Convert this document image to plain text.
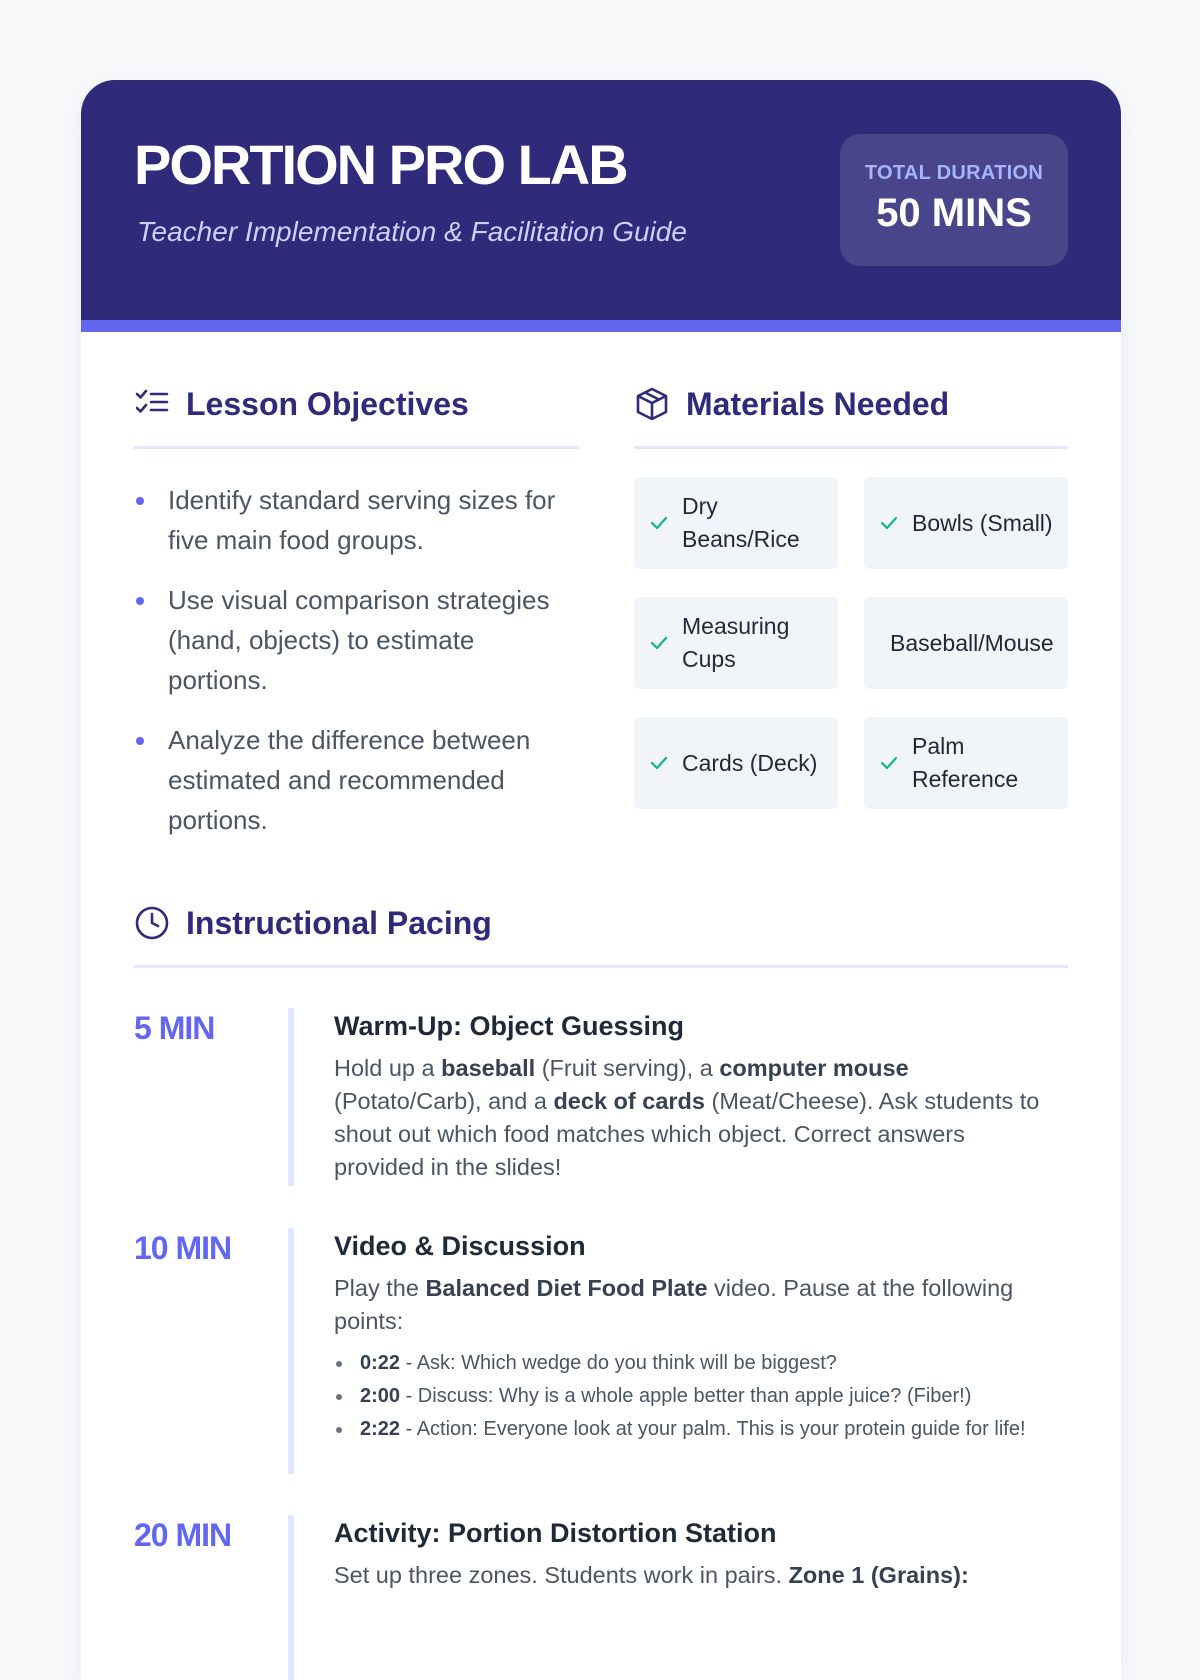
PORTION PRO LAB
Teacher Implementation & Facilitation Guide
TOTAL DURATION
50 MINS
Lesson Objectives
Identify standard serving sizes for five main food groups.
Use visual comparison strategies (hand, objects) to estimate portions.
Analyze the difference between estimated and recommended portions.
Materials Needed
Dry Beans/Rice
Bowls (Small)
Measuring Cups
Baseball/Mouse
Cards (Deck)
Palm Reference
Instructional Pacing
5 MIN	Warm-Up: Object Guessing

Hold up a baseball (Fruit serving), a computer mouse (Potato/Carb), and a deck of cards (Meat/Cheese). Ask students to shout out which food matches which object. Correct answers provided in the slides!

10 MIN	Video & Discussion

Play the Balanced Diet Food Plate video. Pause at the following points:

0:22 - Ask: Which wedge do you think will be biggest?
2:00 - Discuss: Why is a whole apple better than apple juice? (Fiber!)
2:22 - Action: Everyone look at your palm. This is your protein guide for life!
20 MIN	Activity: Portion Distortion Station

Set up three zones. Students work in pairs. Zone 1 (Grains):
